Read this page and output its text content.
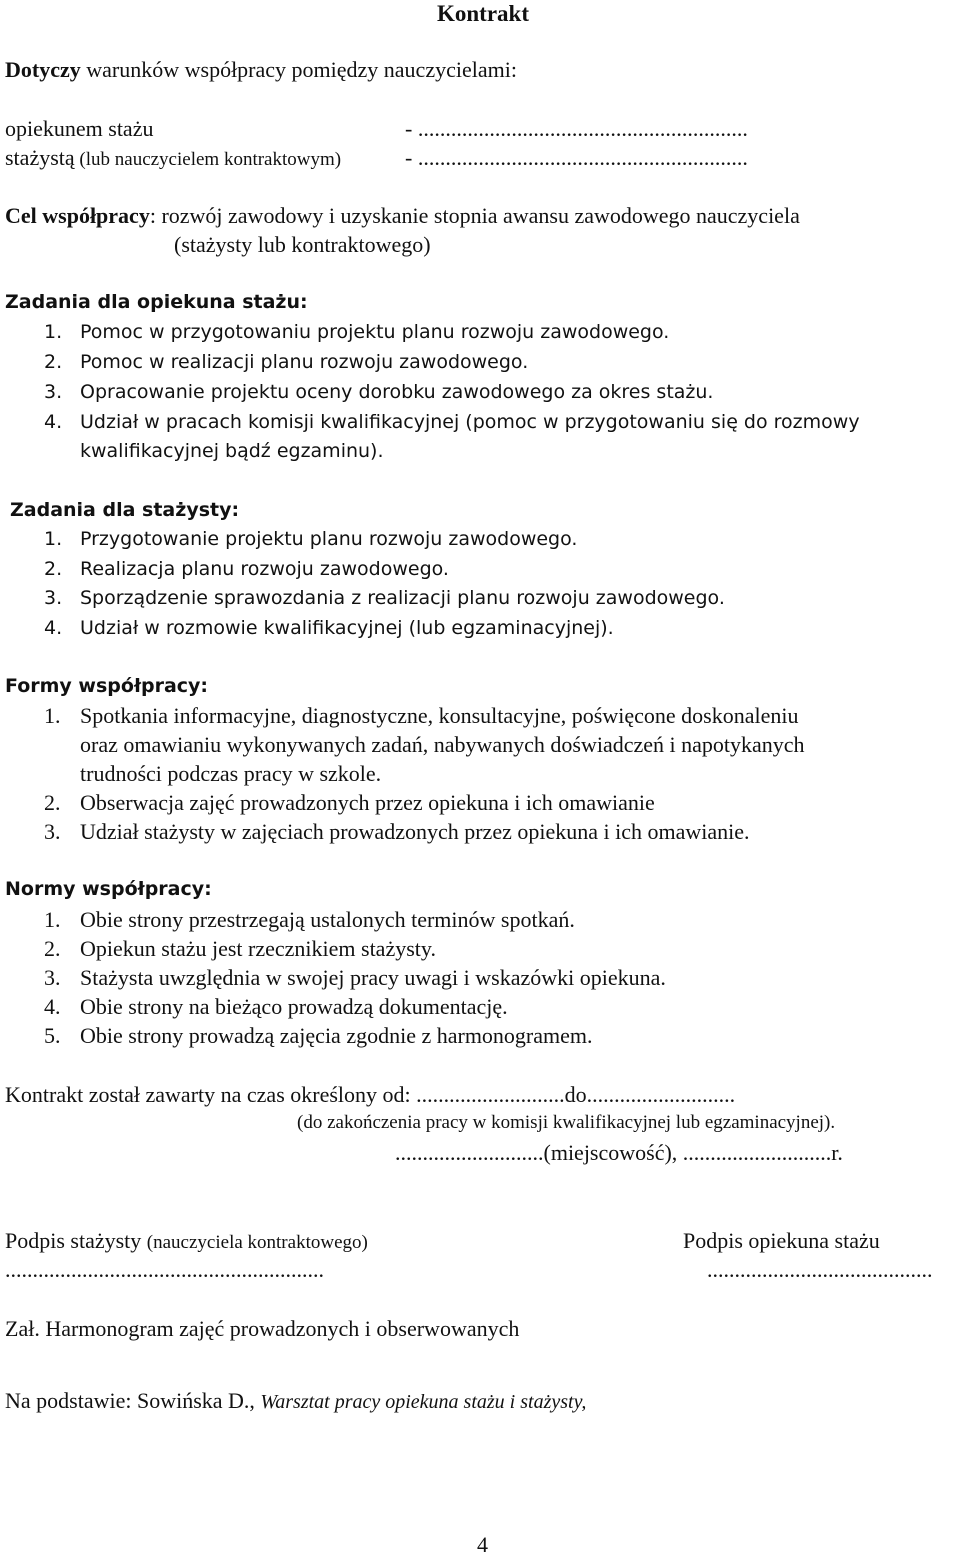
Kontrakt
Dotyczy warunków współpracy pomiędzy nauczycielami:
opiekunem stażu	- ............................................................
stażystą (lub nauczycielem kontraktowym)	- ............................................................
Cel współpracy: rozwój zawodowy i uzyskanie stopnia awansu zawodowego nauczyciela
(stażysty lub kontraktowego)
Zadania dla opiekuna stażu:
1. Pomoc w przygotowaniu projektu planu rozwoju zawodowego.
2. Pomoc w realizacji planu rozwoju zawodowego.
3. Opracowanie projektu oceny dorobku zawodowego za okres stażu.
4. Udział w pracach komisji kwalifikacyjnej (pomoc w przygotowaniu się do rozmowy
kwalifikacyjnej bądź egzaminu).
Zadania dla stażysty:
1. Przygotowanie projektu planu rozwoju zawodowego.
2. Realizacja planu rozwoju zawodowego.
3. Sporządzenie sprawozdania z realizacji planu rozwoju zawodowego.
4. Udział w rozmowie kwalifikacyjnej (lub egzaminacyjnej).
Formy współpracy:
1. Spotkania informacyjne, diagnostyczne, konsultacyjne, poświęcone doskonaleniu
oraz omawianiu wykonywanych zadań, nabywanych doświadczeń i napotykanych
trudności podczas pracy w szkole.
2. Obserwacja zajęć prowadzonych przez opiekuna i ich omawianie
3. Udział stażysty w zajęciach prowadzonych przez opiekuna i ich omawianie.
Normy współpracy:
1. Obie strony przestrzegają ustalonych terminów spotkań.
2. Opiekun stażu jest rzecznikiem stażysty.
3. Stażysta uwzględnia w swojej pracy uwagi i wskazówki opiekuna.
4. Obie strony na bieżąco prowadzą dokumentację.
5. Obie strony prowadzą zajęcia zgodnie z harmonogramem.
Kontrakt został zawarty na czas określony od: ...........................do...........................
(do zakończenia pracy w komisji kwalifikacyjnej lub egzaminacyjnej).
...........................(miejscowość), ...........................r.
Podpis stażysty (nauczyciela kontraktowego)	Podpis opiekuna stażu
..........................................................	.........................................
Zał. Harmonogram zajęć prowadzonych i obserwowanych
Na podstawie: Sowińska D., Warsztat pracy opiekuna stażu i stażysty,
4
